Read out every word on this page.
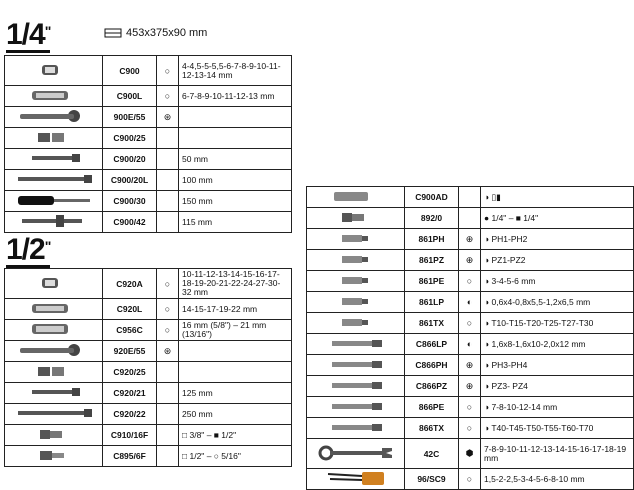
1/4"	453x375x90 mm
1/2"
	C900	○	4-4,5-5-5,5-6-7-8-9-10-11-12-13-14 mm
	C900L	○	6-7-8-9-10-11-12-13 mm
	900E/55	⊛	
	C900/25		
	C900/20		50 mm
	C900/20L		100 mm
	C900/30		150 mm
	C900/42		115 mm
	C920A	○	10-11-12-13-14-15-16-17-18-19-20-21-22-24-27-30-32 mm
	C920L	○	14-15-17-19-22 mm
	C956C	○	16 mm (5/8") – 21 mm (13/16")
	920E/55	⊛	
	C920/25		
	C920/21		125 mm
	C920/22		250 mm
	C910/16F		□ 3/8" – ■ 1/2"
	C895/6F		□ 1/2" – ○ 5/16"
	C900AD		◑ ▯▮
	892/0		● 1/4" – ■ 1/4"
	861PH	⊕	◑ PH1-PH2
	861PZ	⊕	◑ PZ1-PZ2
	861PE	○	◑ 3-4-5-6 mm
	861LP	◐	◑ 0,6x4-0,8x5,5-1,2x6,5 mm
	861TX	○	◑ T10-T15-T20-T25-T27-T30
	C866LP	◐	◑ 1,6x8-1,6x10-2,0x12 mm
	C866PH	⊕	◑ PH3-PH4
	C866PZ	⊕	◑ PZ3- PZ4
	866PE	○	◑ 7-8-10-12-14 mm
	866TX	○	◑ T40-T45-T50-T55-T60-T70
	42C	⬢	7-8-9-10-11-12-13-14-15-16-17-18-19 mm
	96/SC9	○	1,5-2-2,5-3-4-5-6-8-10 mm
